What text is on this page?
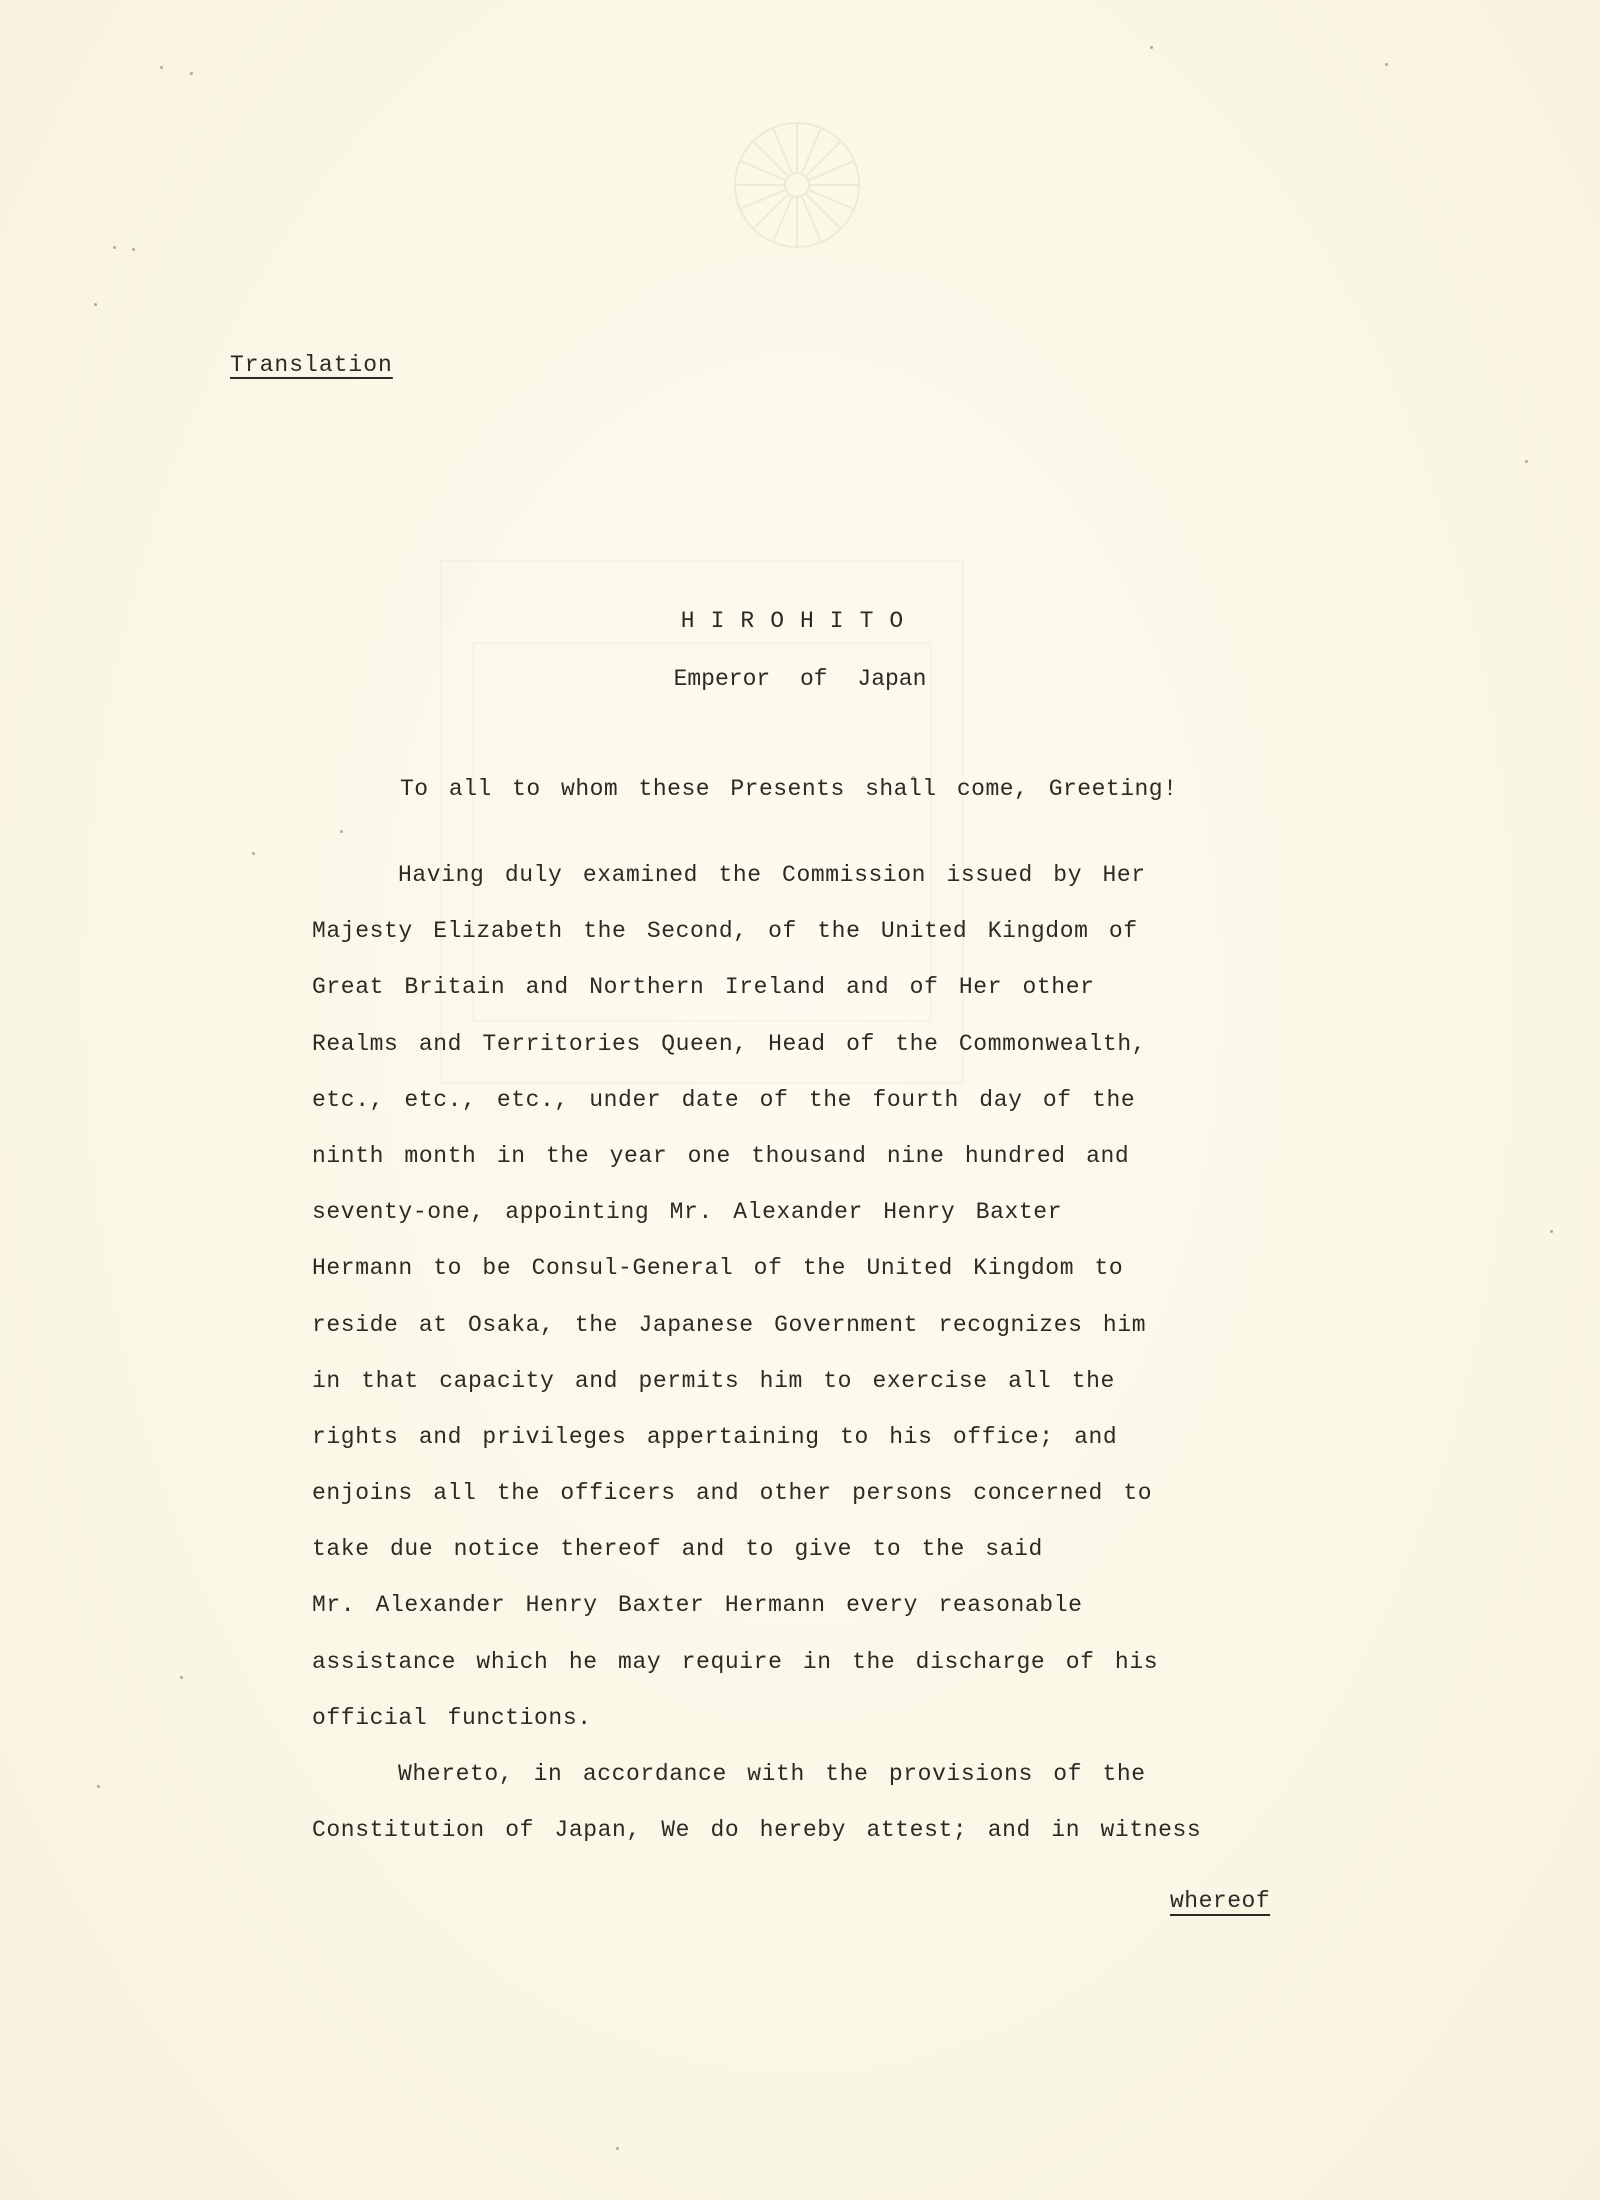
Translation
HIROHITO
Emperor of Japan
To all to whom these Presents shall come, Greeting!
Having duly examined the Commission issued by Her
Majesty Elizabeth the Second, of the United Kingdom of
Great Britain and Northern Ireland and of Her other
Realms and Territories Queen, Head of the Commonwealth,
etc., etc., etc., under date of the fourth day of the
ninth month in the year one thousand nine hundred and
seventy-one, appointing Mr. Alexander Henry Baxter
Hermann to be Consul-General of the United Kingdom to
reside at Osaka, the Japanese Government recognizes him
in that capacity and permits him to exercise all the
rights and privileges appertaining to his office; and
enjoins all the officers and other persons concerned to
take due notice thereof and to give to the said
Mr. Alexander Henry Baxter Hermann every reasonable
assistance which he may require in the discharge of his
official functions.
Whereto, in accordance with the provisions of the
Constitution of Japan, We do hereby attest; and in witness
whereof
